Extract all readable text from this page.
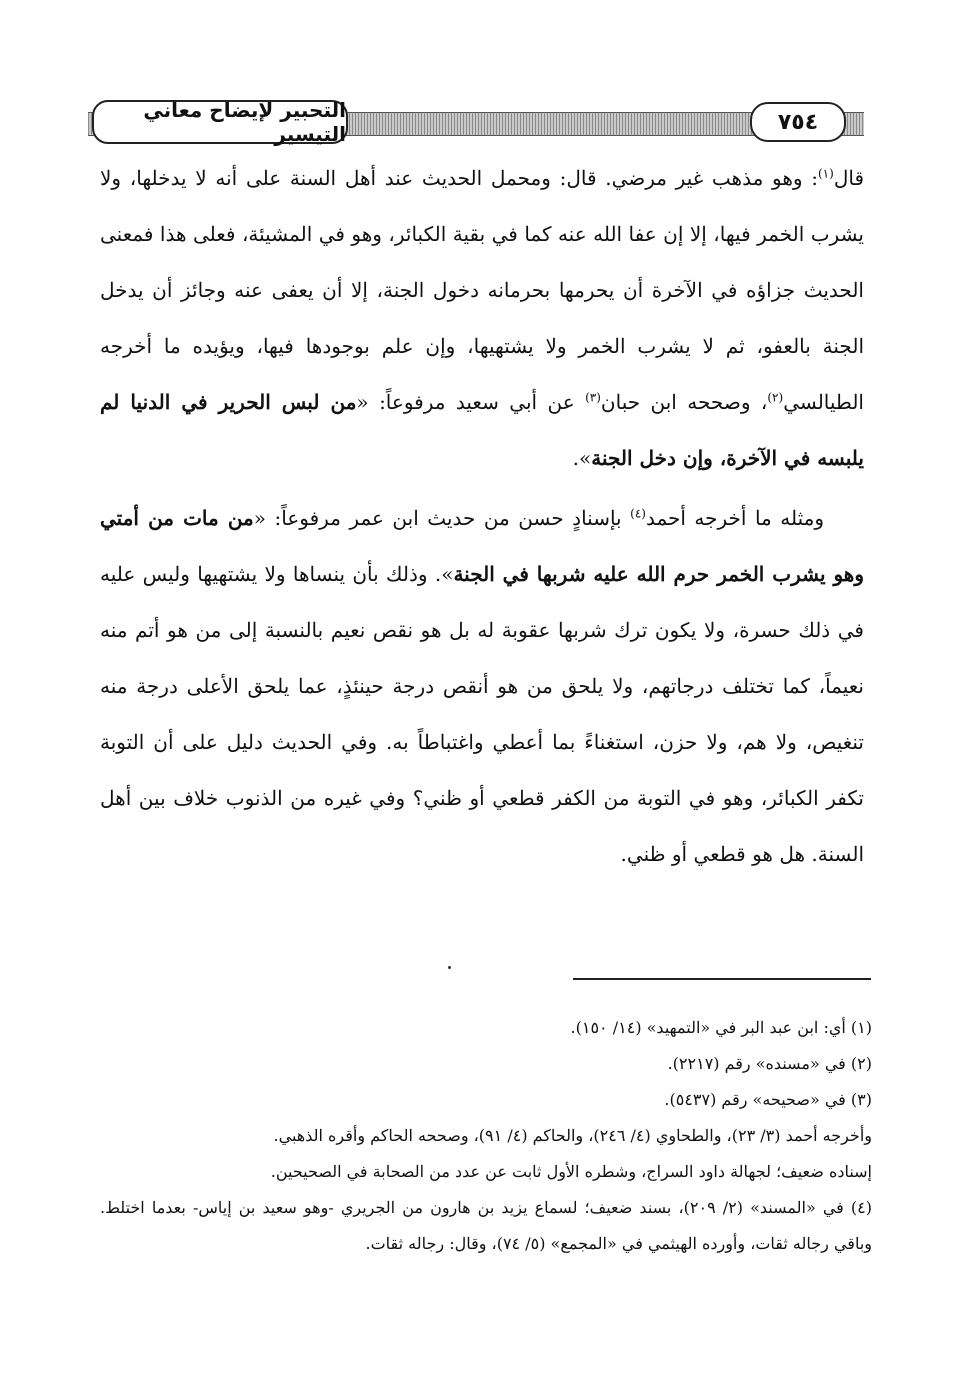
التحبير لإيضاح معاني التيسير	٧٥٤

قال$^{(١)}$: وهو مذهب غير مرضي. قال: ومحمل الحديث عند أهل السنة على أنه لا يدخلها، ولا يشرب الخمر فيها، إلا إن عفا الله عنه كما في بقية الكبائر، وهو في المشيئة، فعلى هذا فمعنى الحديث جزاؤه في الآخرة أن يحرمها بحرمانه دخول الجنة، إلا أن يعفى عنه وجائز أن يدخل الجنة بالعفو، ثم لا يشرب الخمر ولا يشتهيها، وإن علم بوجودها فيها، ويؤيده ما أخرجه الطيالسي$^{(٢)}$، وصححه ابن حبان$^{(٣)}$ عن أبي سعيد مرفوعاً: «من لبس الحرير في الدنيا لم يلبسه في الآخرة، وإن دخل الجنة».

ومثله ما أخرجه أحمد$^{(٤)}$ بإسنادٍ حسن من حديث ابن عمر مرفوعاً: «من مات من أمتي وهو يشرب الخمر حرم الله عليه شربها في الجنة». وذلك بأن ينساها ولا يشتهيها وليس عليه في ذلك حسرة، ولا يكون ترك شربها عقوبة له بل هو نقص نعيم بالنسبة إلى من هو أتم منه نعيماً، كما تختلف درجاتهم، ولا يلحق من هو أنقص درجة حينئذٍ، عما يلحق الأعلى درجة منه تنغيص، ولا هم، ولا حزن، استغناءً بما أعطي واغتباطاً به. وفي الحديث دليل على أن التوبة تكفر الكبائر، وهو في التوبة من الكفر قطعي أو ظني؟ وفي غيره من الذنوب خلاف بين أهل السنة. هل هو قطعي أو ظني.

(١) أي: ابن عبد البر في «التمهيد» (١٤/ ١٥٠).

(٢) في «مسنده» رقم (٢٢١٧).

(٣) في «صحيحه» رقم (٥٤٣٧).

وأخرجه أحمد (٣/ ٢٣)، والطحاوي (٤/ ٢٤٦)، والحاكم (٤/ ٩١)، وصححه الحاكم وأقره الذهبي.

إسناده ضعيف؛ لجهالة داود السراج، وشطره الأول ثابت عن عدد من الصحابة في الصحيحين.

(٤) في «المسند» (٢/ ٢٠٩)، بسند ضعيف؛ لسماع يزيد بن هارون من الجريري -وهو سعيد بن إياس- بعدما اختلط. وباقي رجاله ثقات، وأورده الهيثمي في «المجمع» (٥/ ٧٤)، وقال: رجاله ثقات.
